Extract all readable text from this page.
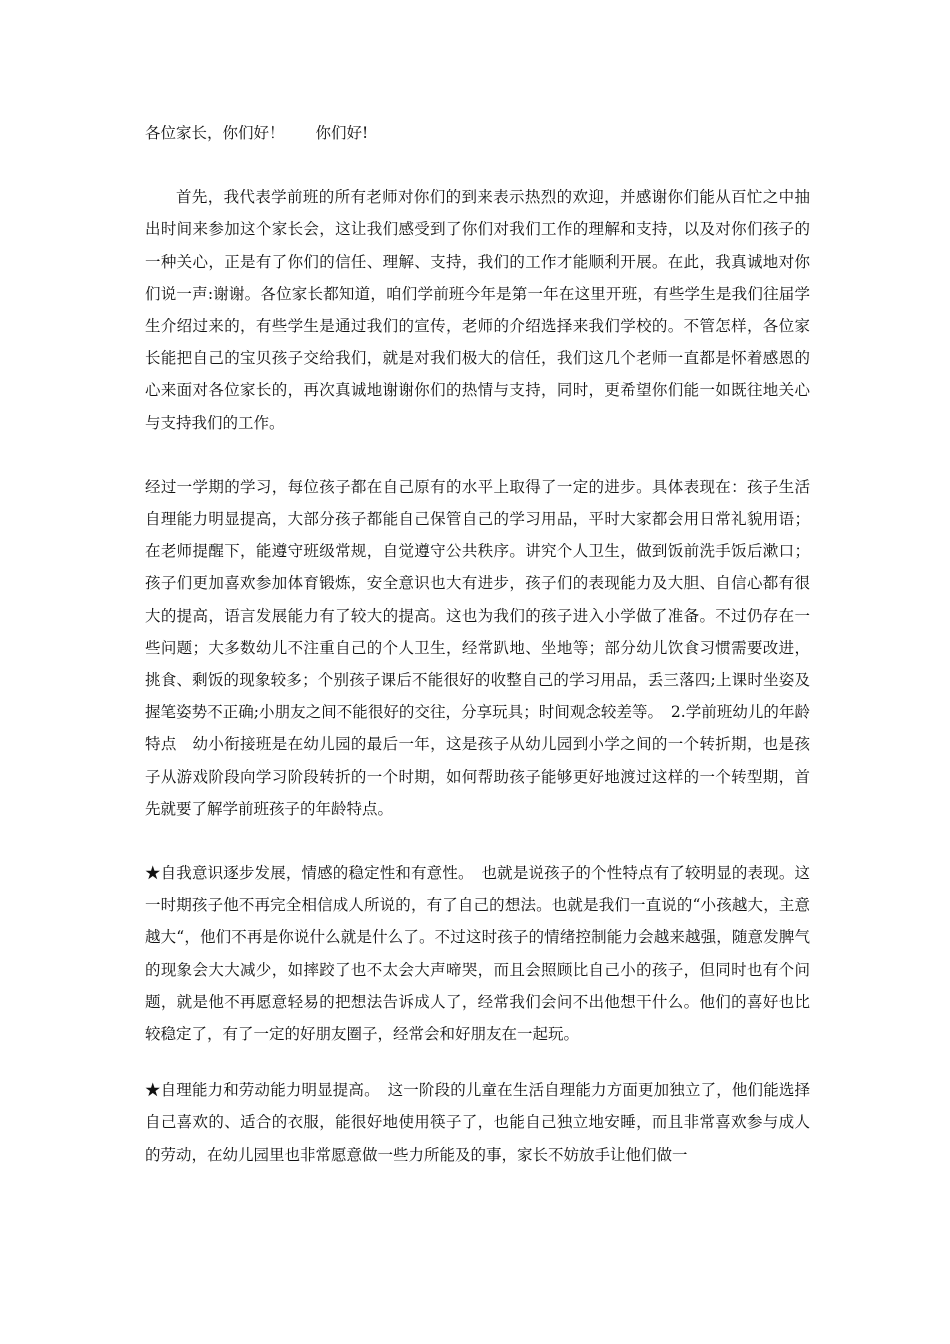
各位家长，你们好！　　你们好!

首先，我代表学前班的所有老师对你们的到来表示热烈的欢迎，并感谢你们能从百忙之中抽出时间来参加这个家长会，这让我们感受到了你们对我们工作的理解和支持，以及对你们孩子的一种关心，正是有了你们的信任、理解、支持，我们的工作才能顺利开展。在此，我真诚地对你们说一声:谢谢。各位家长都知道，咱们学前班今年是第一年在这里开班，有些学生是我们往届学生介绍过来的，有些学生是通过我们的宣传，老师的介绍选择来我们学校的。不管怎样，各位家长能把自己的宝贝孩子交给我们，就是对我们极大的信任，我们这几个老师一直都是怀着感恩的心来面对各位家长的，再次真诚地谢谢你们的热情与支持，同时，更希望你们能一如既往地关心与支持我们的工作。

经过一学期的学习，每位孩子都在自己原有的水平上取得了一定的进步。具体表现在：孩子生活自理能力明显提高，大部分孩子都能自己保管自己的学习用品，平时大家都会用日常礼貌用语；在老师提醒下，能遵守班级常规，自觉遵守公共秩序。讲究个人卫生，做到饭前洗手饭后漱口；孩子们更加喜欢参加体育锻炼，安全意识也大有进步，孩子们的表现能力及大胆、自信心都有很大的提高，语言发展能力有了较大的提高。这也为我们的孩子进入小学做了准备。不过仍存在一些问题；大多数幼儿不注重自己的个人卫生，经常趴地、坐地等；部分幼儿饮食习惯需要改进，挑食、剩饭的现象较多；个别孩子课后不能很好的收整自己的学习用品，丢三落四;上课时坐姿及握笔姿势不正确;小朋友之间不能很好的交往，分享玩具；时间观念较差等。　2.学前班幼儿的年龄特点　幼小衔接班是在幼儿园的最后一年，这是孩子从幼儿园到小学之间的一个转折期，也是孩子从游戏阶段向学习阶段转折的一个时期，如何帮助孩子能够更好地渡过这样的一个转型期，首先就要了解学前班孩子的年龄特点。

★自我意识逐步发展，情感的稳定性和有意性。　也就是说孩子的个性特点有了较明显的表现。这一时期孩子他不再完全相信成人所说的，有了自己的想法。也就是我们一直说的“小孩越大，主意越大“，他们不再是你说什么就是什么了。不过这时孩子的情绪控制能力会越来越强，随意发脾气的现象会大大减少，如摔跤了也不太会大声啼哭，而且会照顾比自己小的孩子，但同时也有个问题，就是他不再愿意轻易的把想法告诉成人了，经常我们会问不出他想干什么。他们的喜好也比较稳定了，有了一定的好朋友圈子，经常会和好朋友在一起玩。

★自理能力和劳动能力明显提高。　这一阶段的儿童在生活自理能力方面更加独立了，他们能选择自己喜欢的、适合的衣服，能很好地使用筷子了，也能自己独立地安睡，而且非常喜欢参与成人的劳动，在幼儿园里也非常愿意做一些力所能及的事，家长不妨放手让他们做一
